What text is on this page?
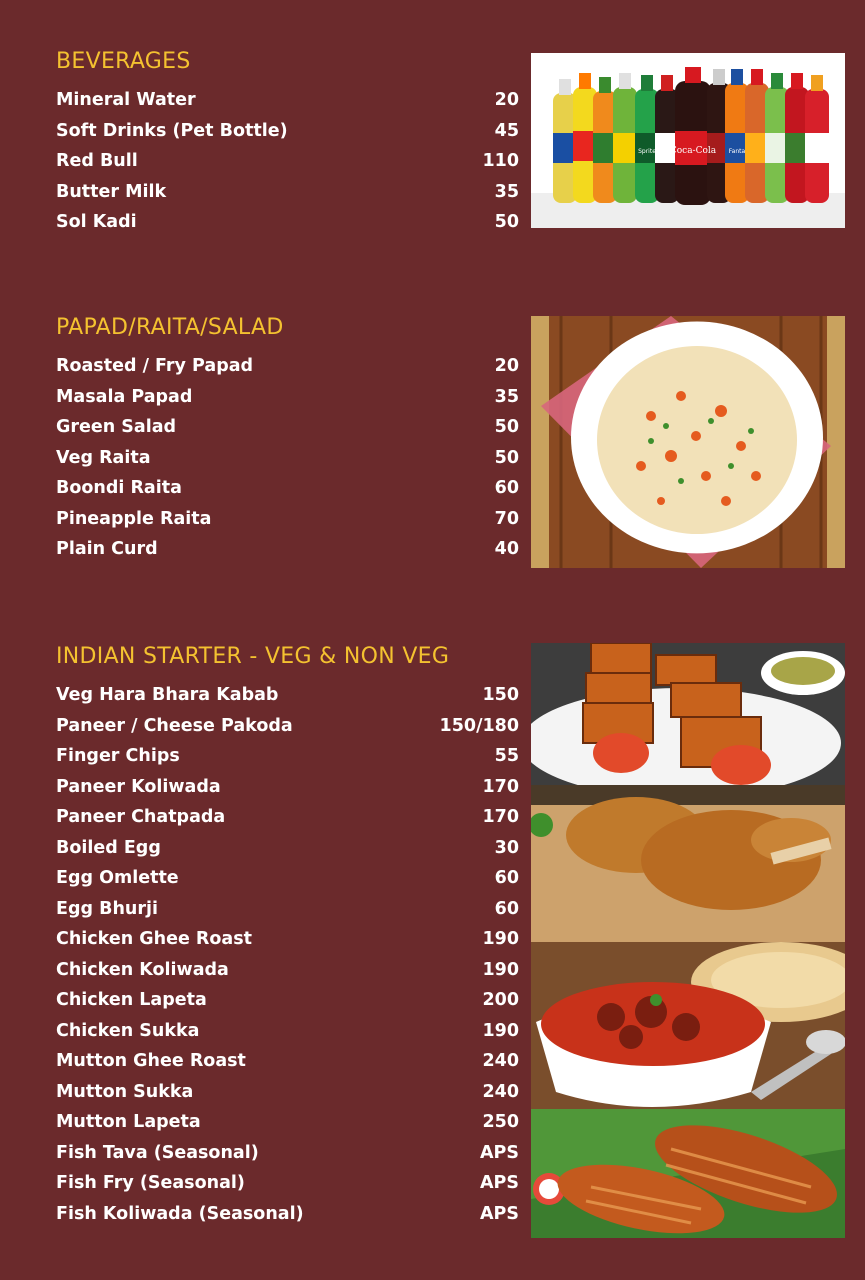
BEVERAGES
Mineral Water	20
Soft Drinks (Pet Bottle)	45
Red Bull	110
Butter Milk	35
Sol Kadi	50
PAPAD/RAITA/SALAD
Roasted / Fry Papad	20
Masala Papad	35
Green Salad	50
Veg Raita	50
Boondi Raita	60
Pineapple Raita	70
Plain Curd	40
INDIAN STARTER - VEG & NON VEG
Veg Hara Bhara Kabab	150
Paneer / Cheese Pakoda	150/180
Finger Chips	55
Paneer Koliwada	170
Paneer Chatpada	170
Boiled Egg	30
Egg Omlette	60
Egg Bhurji	60
Chicken Ghee Roast	190
Chicken Koliwada	190
Chicken Lapeta	200
Chicken Sukka	190
Mutton Ghee Roast	240
Mutton Sukka	240
Mutton Lapeta	250
Fish Tava (Seasonal)	APS
Fish Fry (Seasonal)	APS
Fish Koliwada (Seasonal)	APS
Coca-Cola Fanta
Sprite
